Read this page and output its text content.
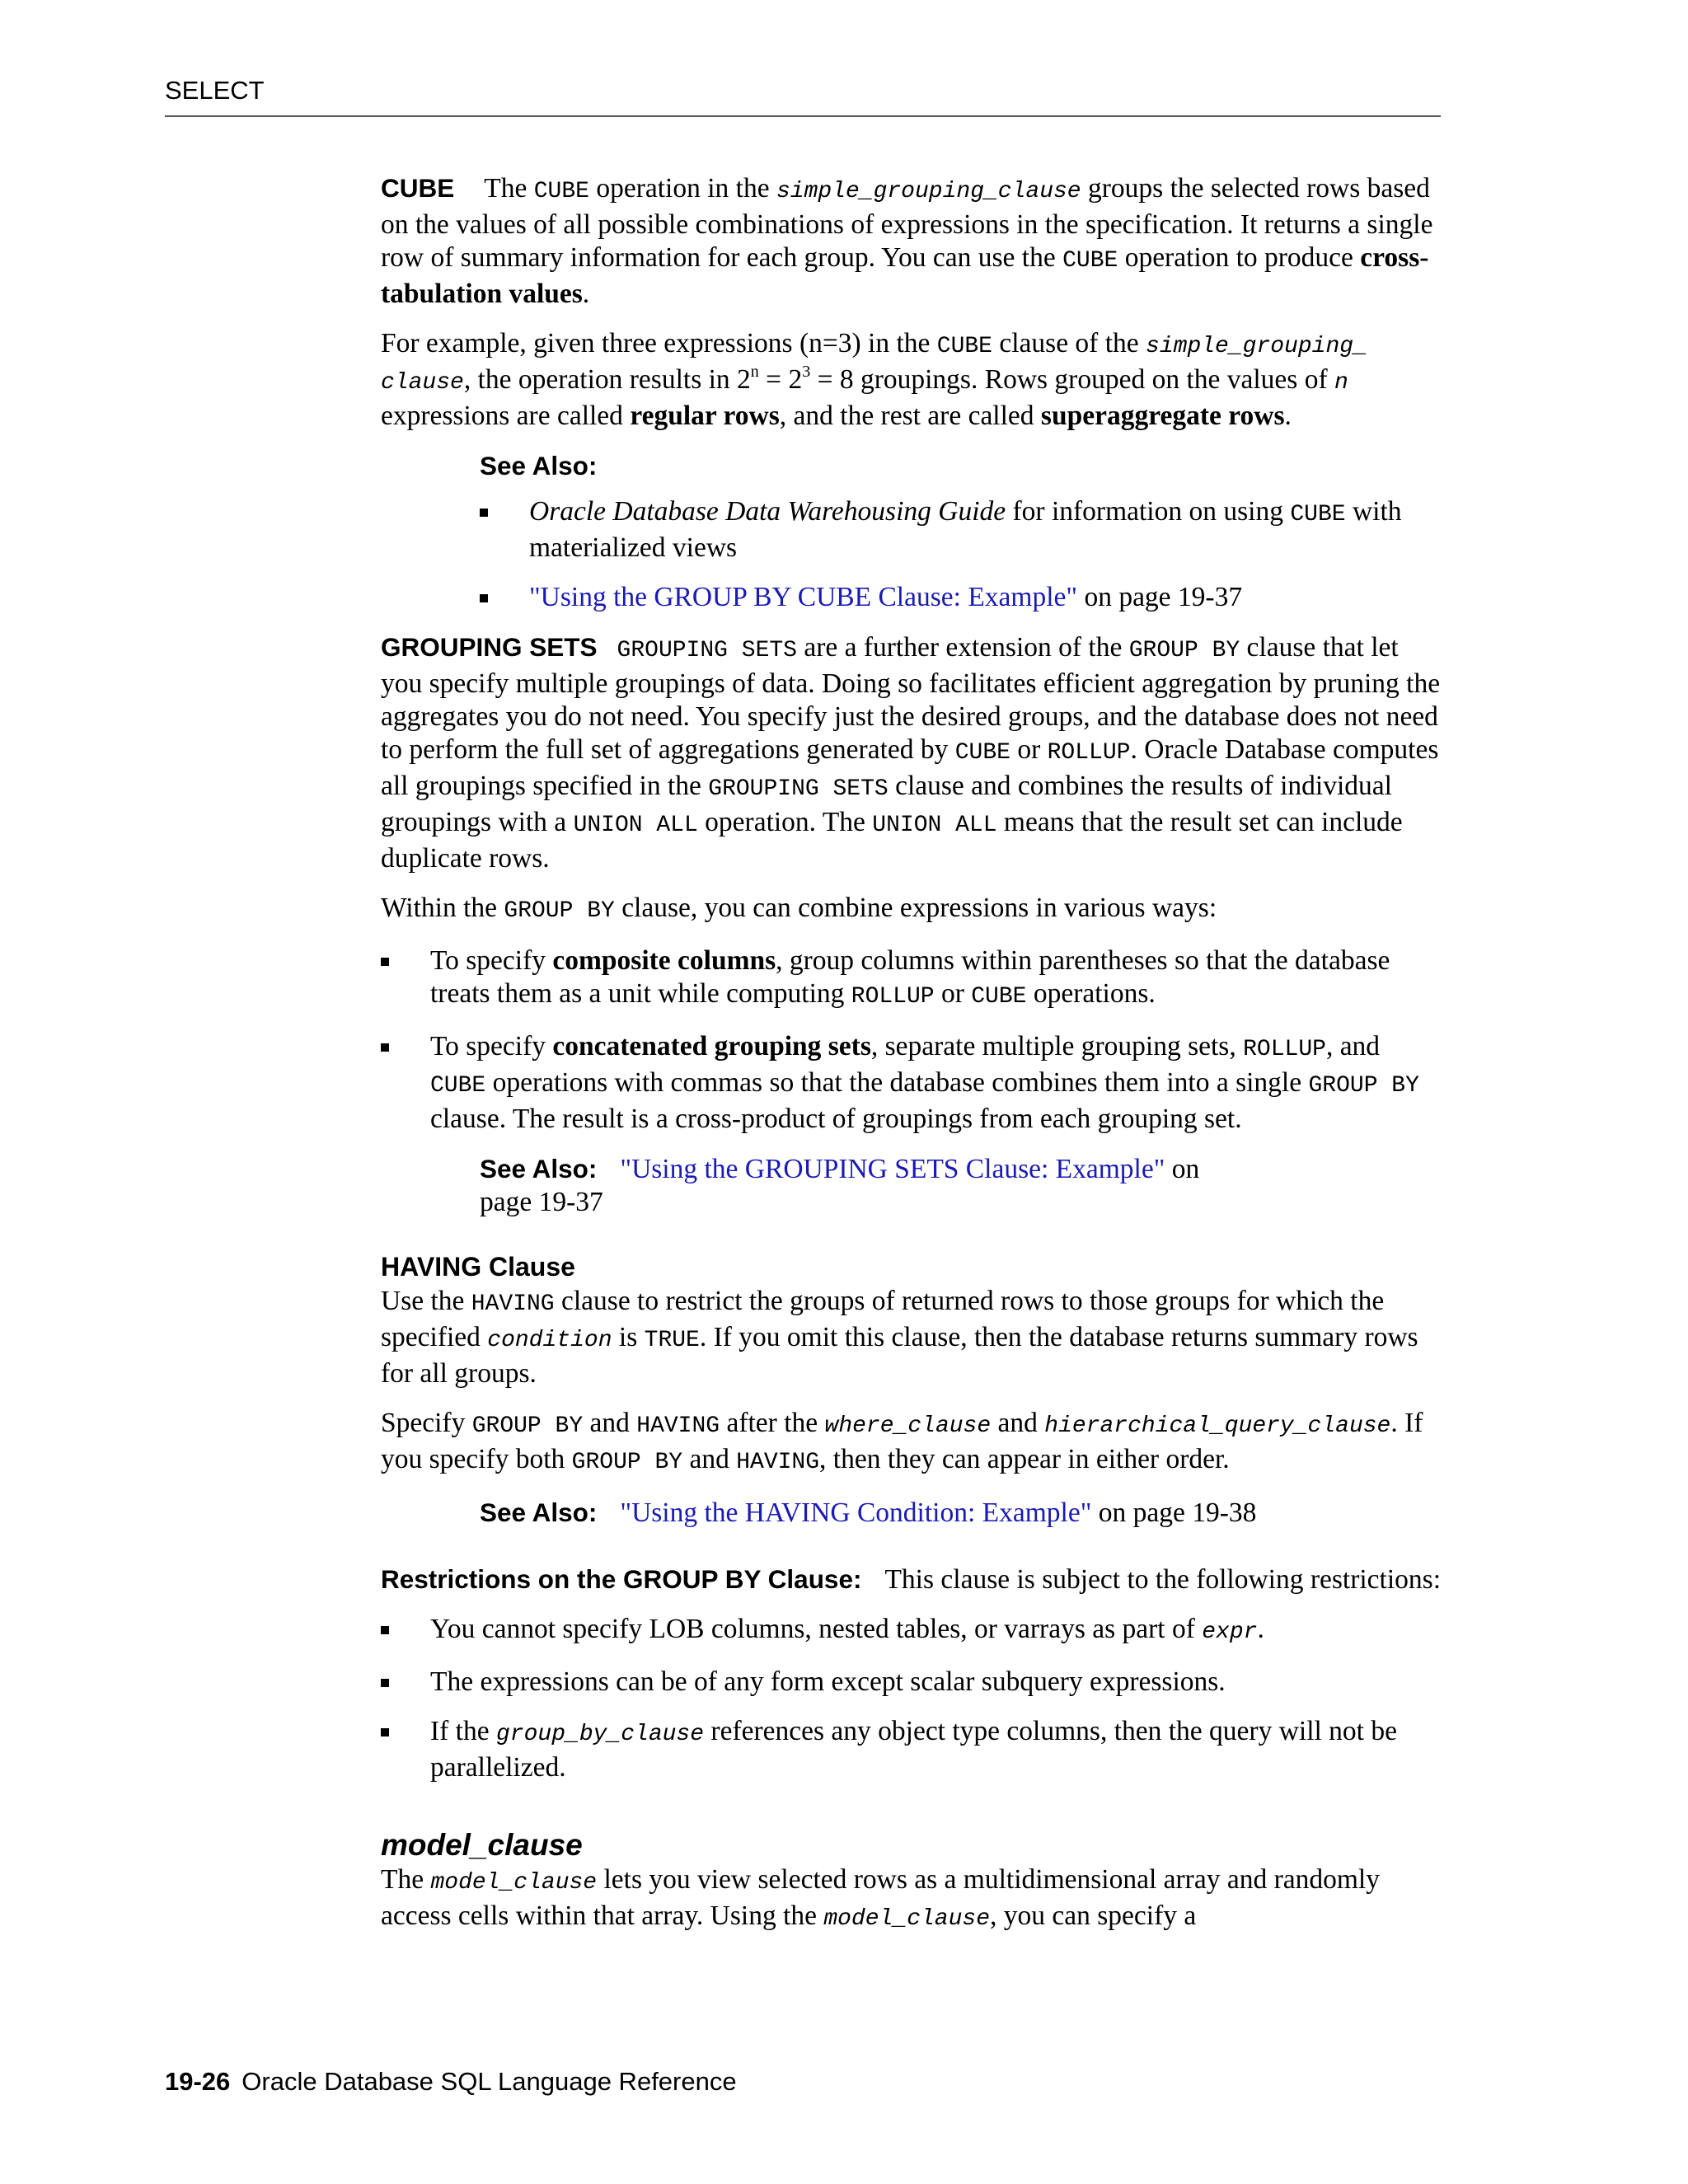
SELECT

CUBE The CUBE operation in the simple_grouping_clause groups the selected rows based on the values of all possible combinations of expressions in the specification. It returns a single row of summary information for each group. You can use the CUBE operation to produce cross-tabulation values.

For example, given three expressions (n=3) in the CUBE clause of the simple_grouping_ clause, the operation results in $2^n = 2^3 = 8$ groupings. Rows grouped on the values of n expressions are called regular rows, and the rest are called superaggregate rows.

See Also:
Oracle Database Data Warehousing Guide for information on using CUBE with materialized views
"Using the GROUP BY CUBE Clause: Example" on page 19-37

GROUPING SETS GROUPING SETS are a further extension of the GROUP BY clause that let you specify multiple groupings of data. Doing so facilitates efficient aggregation by pruning the aggregates you do not need. You specify just the desired groups, and the database does not need to perform the full set of aggregations generated by CUBE or ROLLUP. Oracle Database computes all groupings specified in the GROUPING SETS clause and combines the results of individual groupings with a UNION ALL operation. The UNION ALL means that the result set can include duplicate rows.

Within the GROUP BY clause, you can combine expressions in various ways:

To specify composite columns, group columns within parentheses so that the database treats them as a unit while computing ROLLUP or CUBE operations.
To specify concatenated grouping sets, separate multiple grouping sets, ROLLUP, and CUBE operations with commas so that the database combines them into a single GROUP BY clause. The result is a cross-product of groupings from each grouping set.
See Also: "Using the GROUPING SETS Clause: Example" on page 19-37
HAVING Clause

Use the HAVING clause to restrict the groups of returned rows to those groups for which the specified condition is TRUE. If you omit this clause, then the database returns summary rows for all groups.

Specify GROUP BY and HAVING after the where_clause and hierarchical_query_clause. If you specify both GROUP BY and HAVING, then they can appear in either order.

See Also: "Using the HAVING Condition: Example" on page 19-38

Restrictions on the GROUP BY Clause: This clause is subject to the following restrictions:

You cannot specify LOB columns, nested tables, or varrays as part of expr.
The expressions can be of any form except scalar subquery expressions.
If the group_by_clause references any object type columns, then the query will not be parallelized.
model_clause

The model_clause lets you view selected rows as a multidimensional array and randomly access cells within that array. Using the model_clause, you can specify a

19-26 Oracle Database SQL Language Reference
